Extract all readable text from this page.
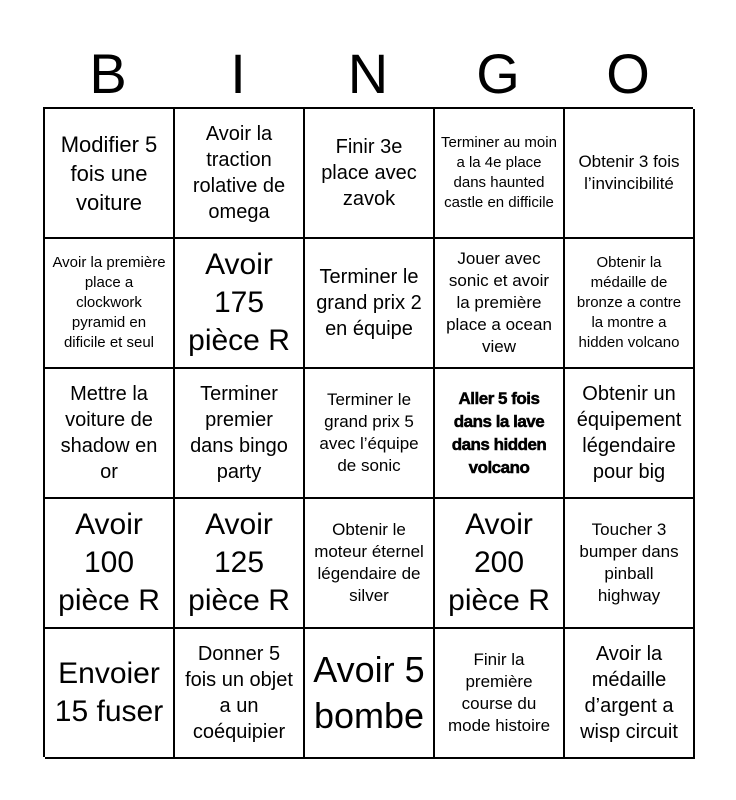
B	I	N	G	O
Modifier 5 fois une voiture
Avoir la traction rolative de omega
Finir 3e place avec zavok
Terminer au moin a la 4e place dans haunted castle en difficile
Obtenir 3 fois l’invincibilité
Avoir la première place a clockwork pyramid en dificile et seul
Avoir 175 pièce R
Terminer le grand prix 2 en équipe
Jouer avec sonic et avoir la première place a ocean view
Obtenir la médaille de bronze a contre la montre a hidden volcano
Mettre la voiture de shadow en or
Terminer premier dans bingo party
Terminer le grand prix 5 avec l’équipe de sonic
Aller 5 fois dans la lave dans hidden volcano
Obtenir un équipement légendaire pour big
Avoir 100 pièce R
Avoir 125 pièce R
Obtenir le moteur éternel légendaire de silver
Avoir 200 pièce R
Toucher 3 bumper dans pinball highway
Envoier 15 fuser
Donner 5 fois un objet a un coéquipier
Avoir 5 bombe
Finir la première course du mode histoire
Avoir la médaille d’argent a wisp circuit
